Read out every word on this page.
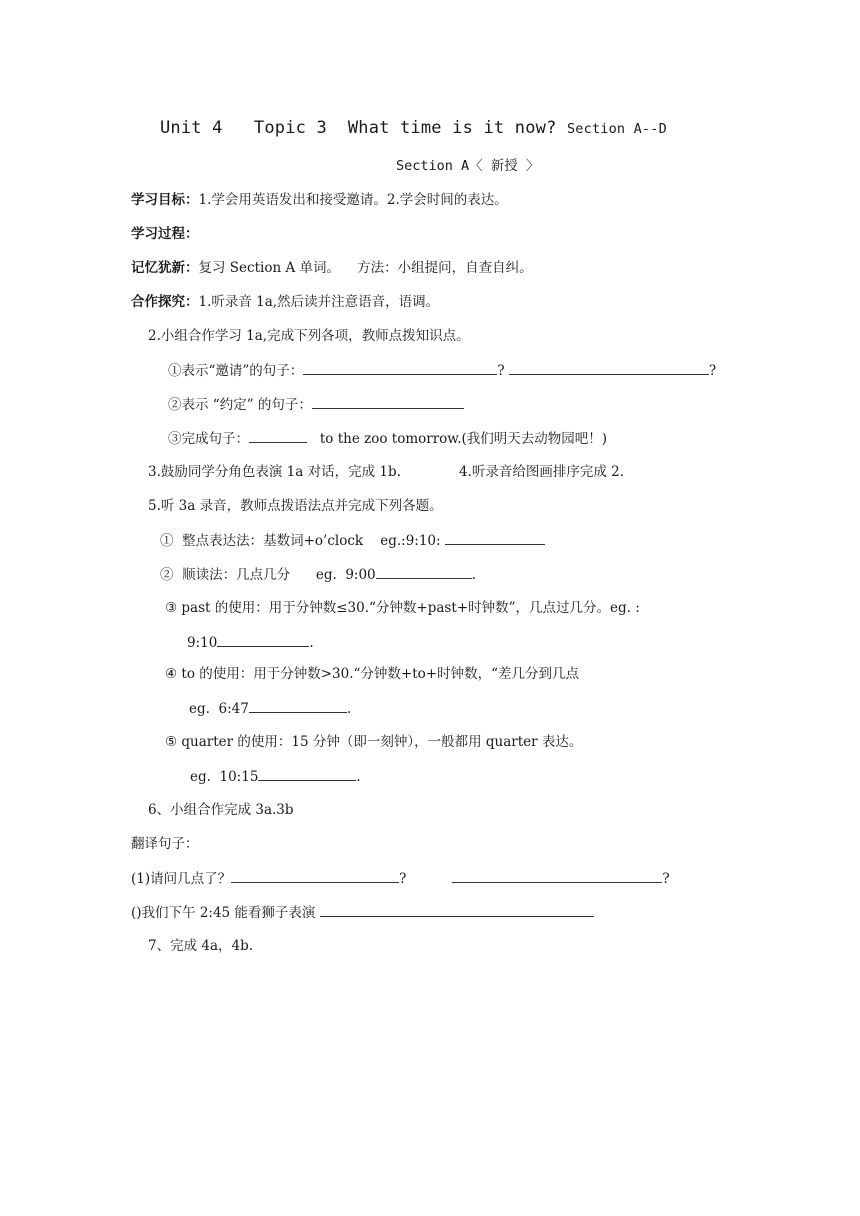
Unit 4   Topic 3  What time is it now? Section A--D
Section A〈 新授 〉
学习目标：1.学会用英语发出和接受邀请。2.学会时间的表达。
学习过程：
记忆犹新：复习 Section A 单词。    方法：小组提问，自查自纠。
合作探究：1.听录音 1a,然后读并注意语音，语调。
2.小组合作学习 1a,完成下列各项，教师点拨知识点。
①表示“邀请”的句子：	?	?
②表示 “约定” 的句子：
③完成句子：	to the zoo tomorrow.(我们明天去动物园吧！)
3.鼓励同学分角色表演 1a 对话，完成 1b.	4.听录音给图画排序完成 2.
5.听 3a 录音，教师点拨语法点并完成下列各题。
①  整点表达法：基数词+o’clock    eg.:9:10:
②  顺读法：几点几分      eg.  9:00	.
③ past 的使用：用于分钟数≤30.“分钟数+past+时钟数”，几点过几分。eg. :
9:10	.
④ to 的使用：用于分钟数>30.“分钟数+to+时钟数，“差几分到几点
eg.  6:47	.
⑤ quarter 的使用：15 分钟（即一刻钟），一般都用 quarter 表达。
eg.  10:15	.
6、小组合作完成 3a.3b
翻译句子：
(1)请问几点了？	?	?
()我们下午 2:45 能看狮子表演
7、完成 4a，4b.
